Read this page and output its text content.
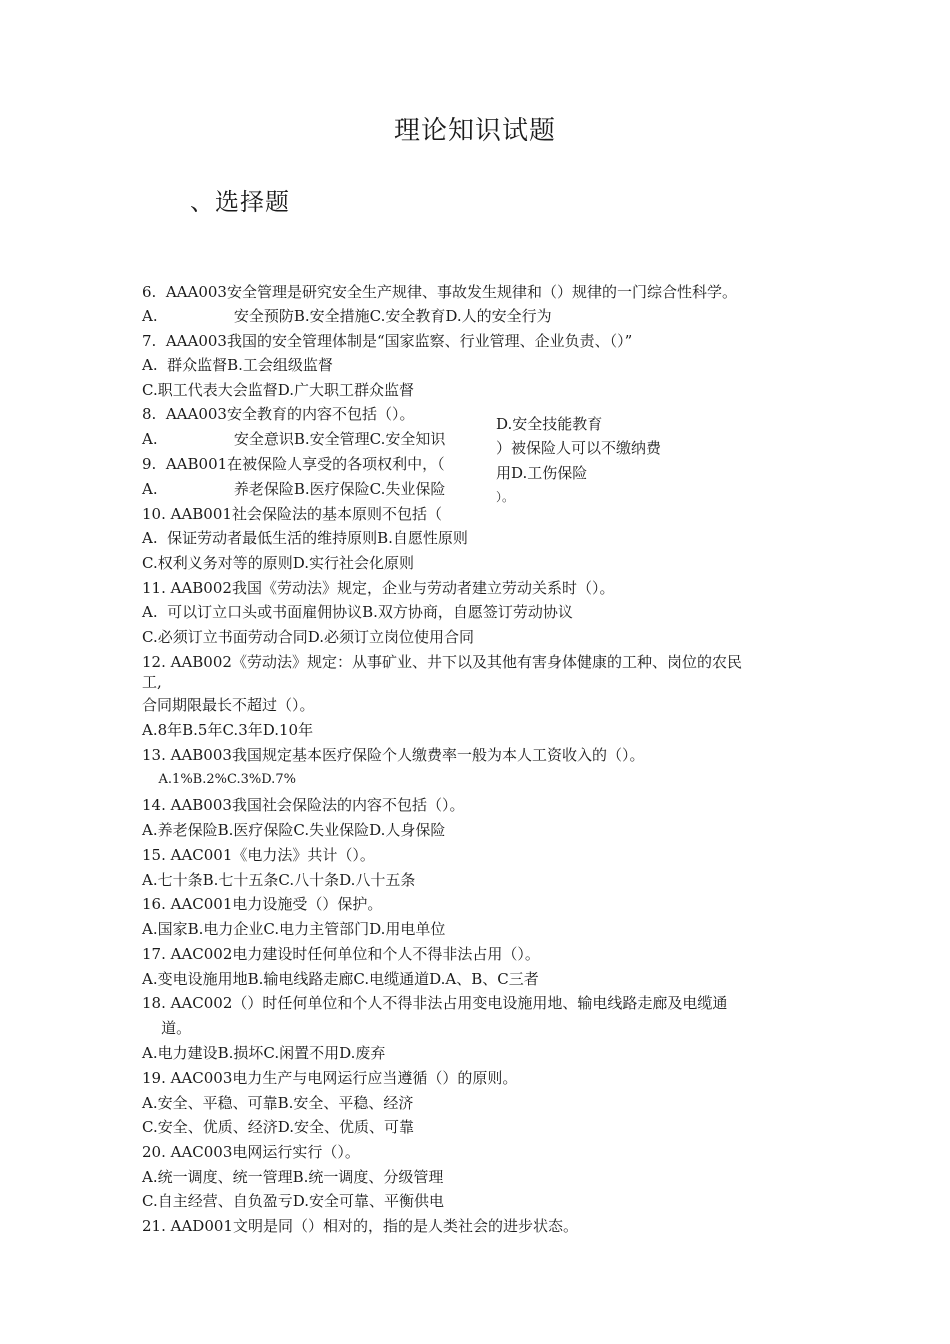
理论知识试题
、选择题
6.  AAA003安全管理是研究安全生产规律、事故发生规律和（）规律的一门综合性科学。
A.                安全预防B.安全措施C.安全教育D.人的安全行为
7.  AAA003我国的安全管理体制是“国家监察、行业管理、企业负责、（）”
A.  群众监督B.工会组级监督
C.职工代表大会监督D.广大职工群众监督
8.  AAA003安全教育的内容不包括（）。
A.                安全意识B.安全管理C.安全知识
9.  AAB001在被保险人享受的各项权利中，（
A.                养老保险B.医疗保险C.失业保险
10. AAB001社会保险法的基本原则不包括（
A.  保证劳动者最低生活的维持原则B.自愿性原则
C.权利义务对等的原则D.实行社会化原则
11. AAB002我国《劳动法》规定，企业与劳动者建立劳动关系时（）。
A.  可以订立口头或书面雇佣协议B.双方协商，自愿签订劳动协议
C.必须订立书面劳动合同D.必须订立岗位使用合同
12. AAB002《劳动法》规定：从事矿业、井下以及其他有害身体健康的工种、岗位的农民
工,
合同期限最长不超过（）。
A.8年B.5年C.3年D.10年
13. AAB003我国规定基本医疗保险个人缴费率一般为本人工资收入的（）。
A.1%B.2%C.3%D.7%
14. AAB003我国社会保险法的内容不包括（）。
A.养老保险B.医疗保险C.失业保险D.人身保险
15. AAC001《电力法》共计（）。
A.七十条B.七十五条C.八十条D.八十五条
16. AAC001电力设施受（）保护。
A.国家B.电力企业C.电力主管部门D.用电单位
17. AAC002电力建设时任何单位和个人不得非法占用（）。
A.变电设施用地B.输电线路走廊C.电缆通道D.A、B、C三者
18. AAC002（）时任何单位和个人不得非法占用变电设施用地、输电线路走廊及电缆通
道。
A.电力建设B.损坏C.闲置不用D.废弃
19. AAC003电力生产与电网运行应当遵循（）的原则。
A.安全、平稳、可靠B.安全、平稳、经济
C.安全、优质、经济D.安全、优质、可靠
20. AAC003电网运行实行（）。
A.统一调度、统一管理B.统一调度、分级管理
C.自主经营、自负盈亏D.安全可靠、平衡供电
21. AAD001文明是同（）相对的，指的是人类社会的进步状态。
D.安全技能教育
）被保险人可以不缴纳费
用D.工伤保险
）。
